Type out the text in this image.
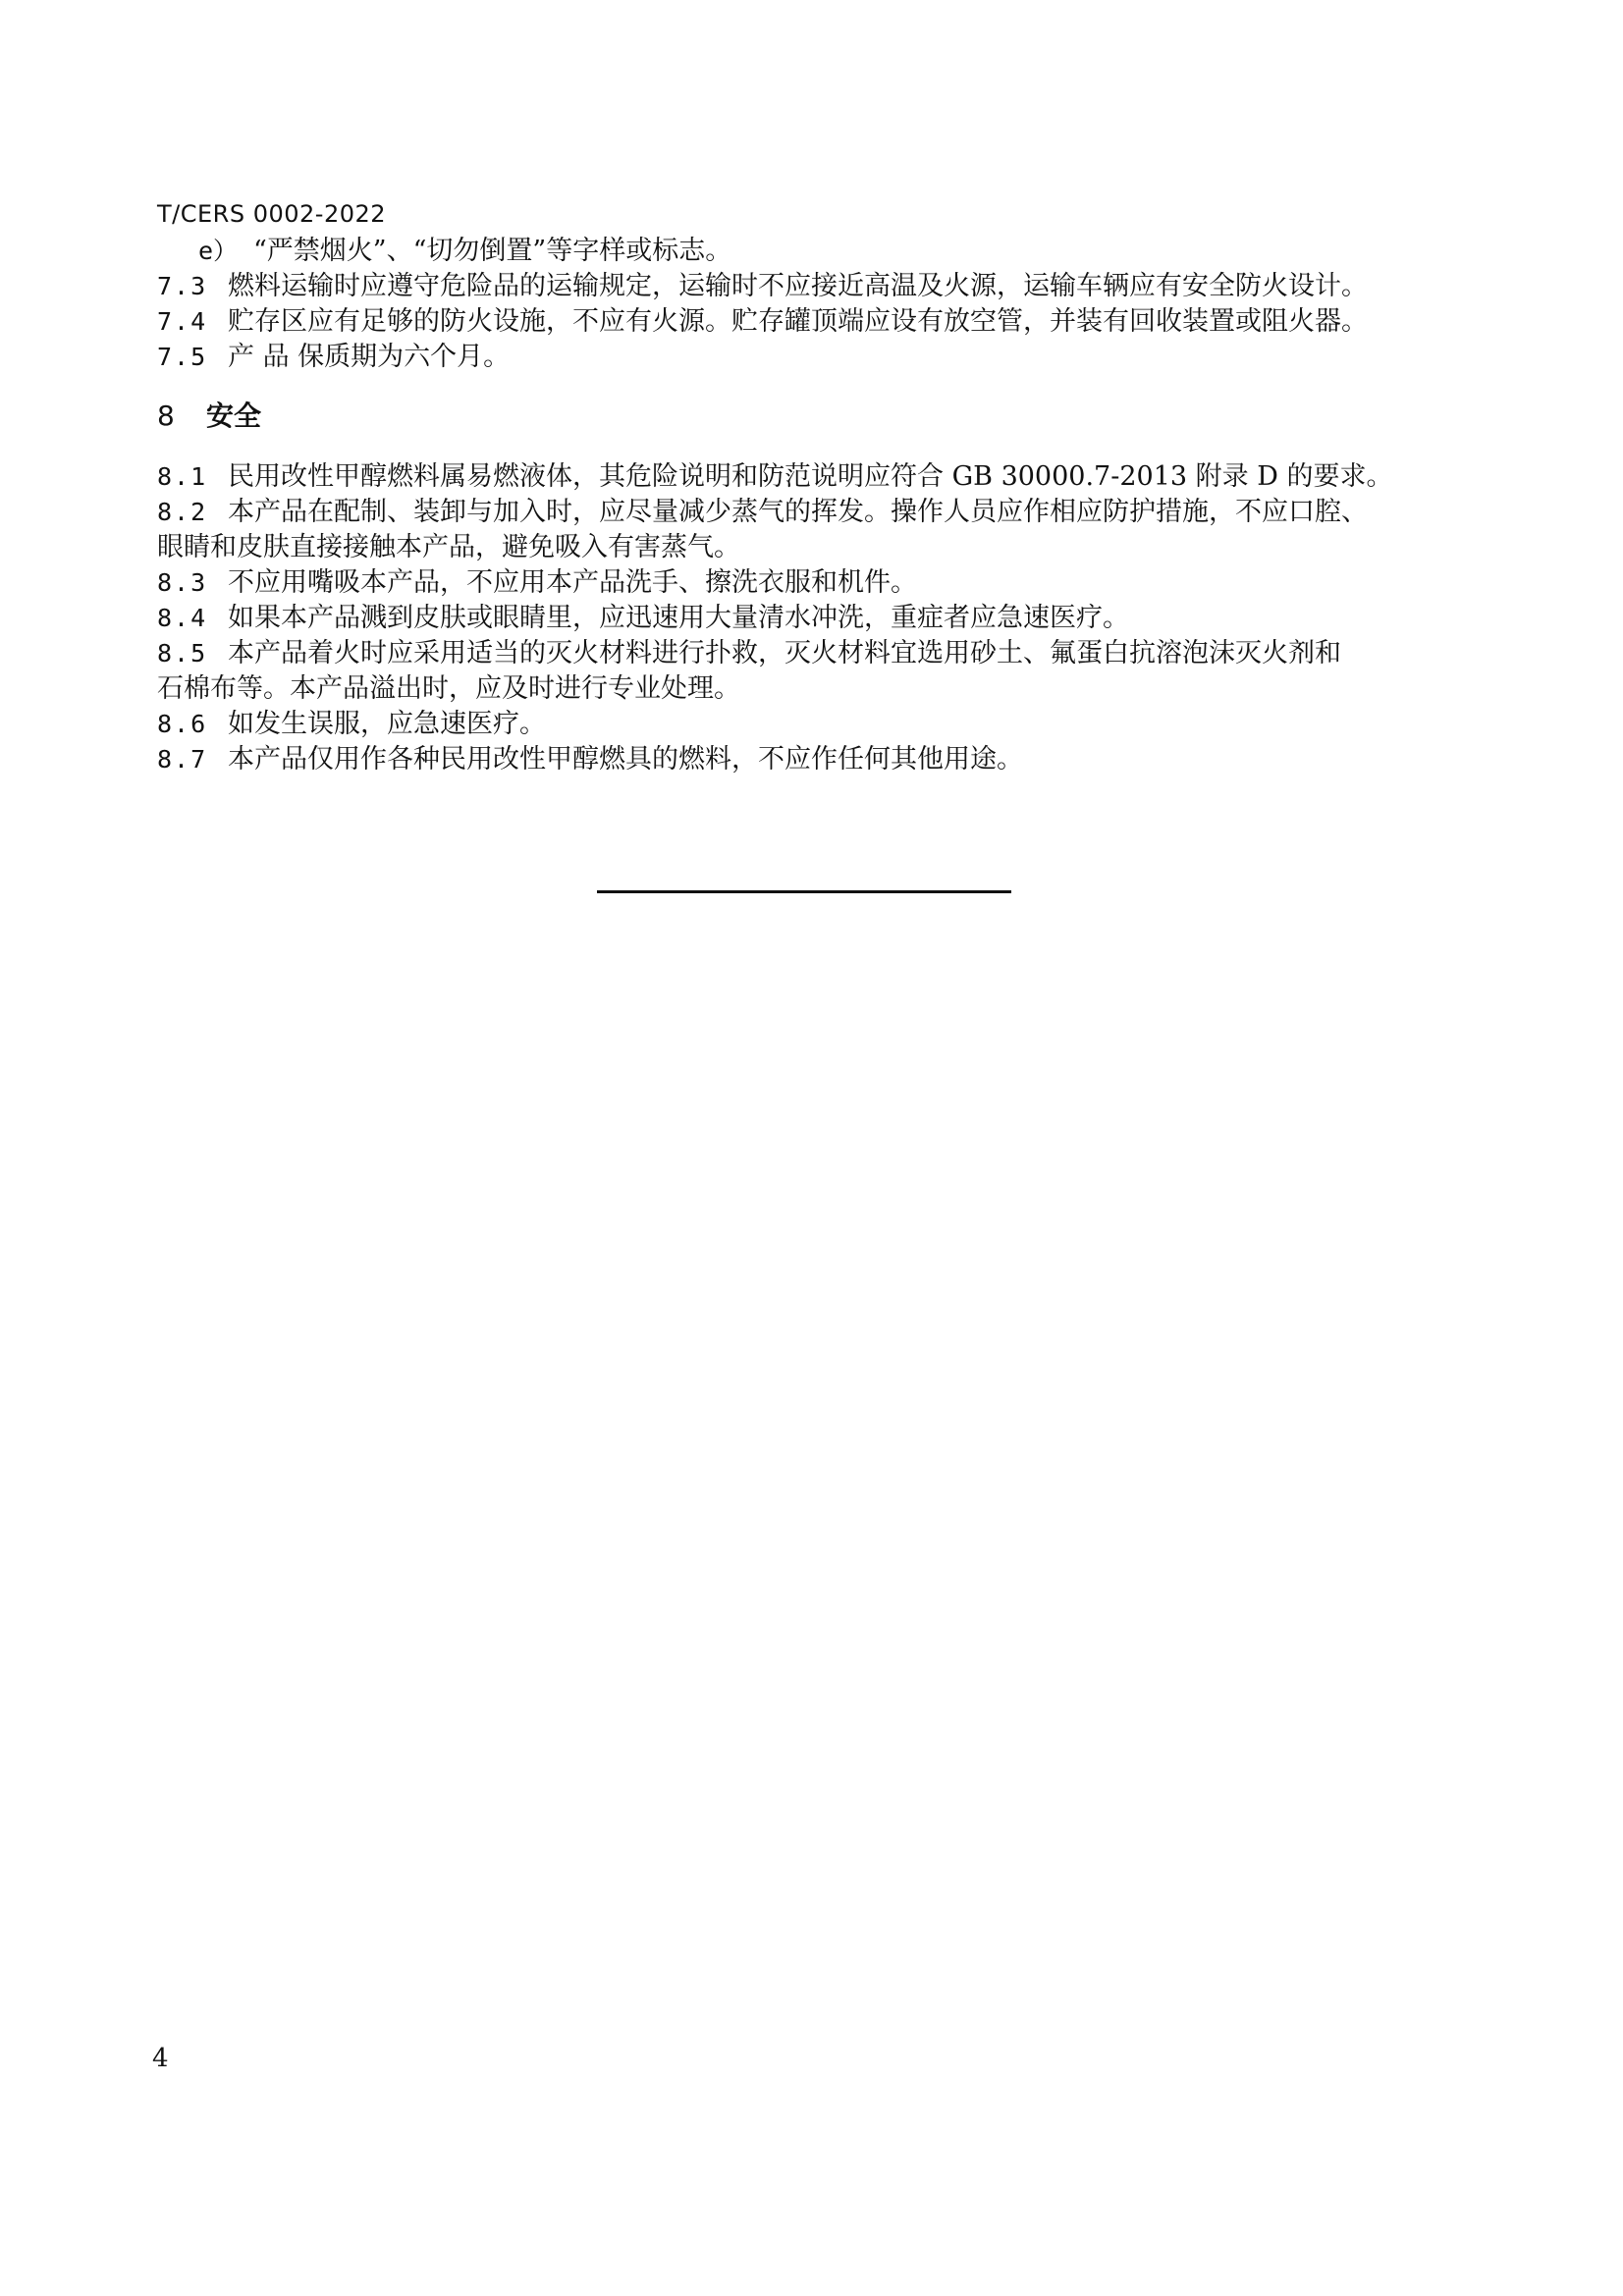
T/CERS 0002-2022
e） “严禁烟火”、“切勿倒置”等字样或标志。
7.3 燃料运输时应遵守危险品的运输规定，运输时不应接近高温及火源，运输车辆应有安全防火设计。
7.4 贮存区应有足够的防火设施，不应有火源。贮存罐顶端应设有放空管，并装有回收装置或阻火器。
7.5 产 品 保质期为六个月。
8 安全
8.1 民用改性甲醇燃料属易燃液体，其危险说明和防范说明应符合 GB 30000.7-2013 附录 D 的要求。
8.2 本产品在配制、装卸与加入时，应尽量减少蒸气的挥发。操作人员应作相应防护措施，不应口腔、
眼睛和皮肤直接接触本产品，避免吸入有害蒸气。
8.3 不应用嘴吸本产品，不应用本产品洗手、擦洗衣服和机件。
8.4 如果本产品溅到皮肤或眼睛里，应迅速用大量清水冲洗，重症者应急速医疗。
8.5 本产品着火时应采用适当的灭火材料进行扑救，灭火材料宜选用砂土、氟蛋白抗溶泡沫灭火剂和
石棉布等。本产品溢出时，应及时进行专业处理。
8.6 如发生误服，应急速医疗。
8.7 本产品仅用作各种民用改性甲醇燃具的燃料，不应作任何其他用途。
4
